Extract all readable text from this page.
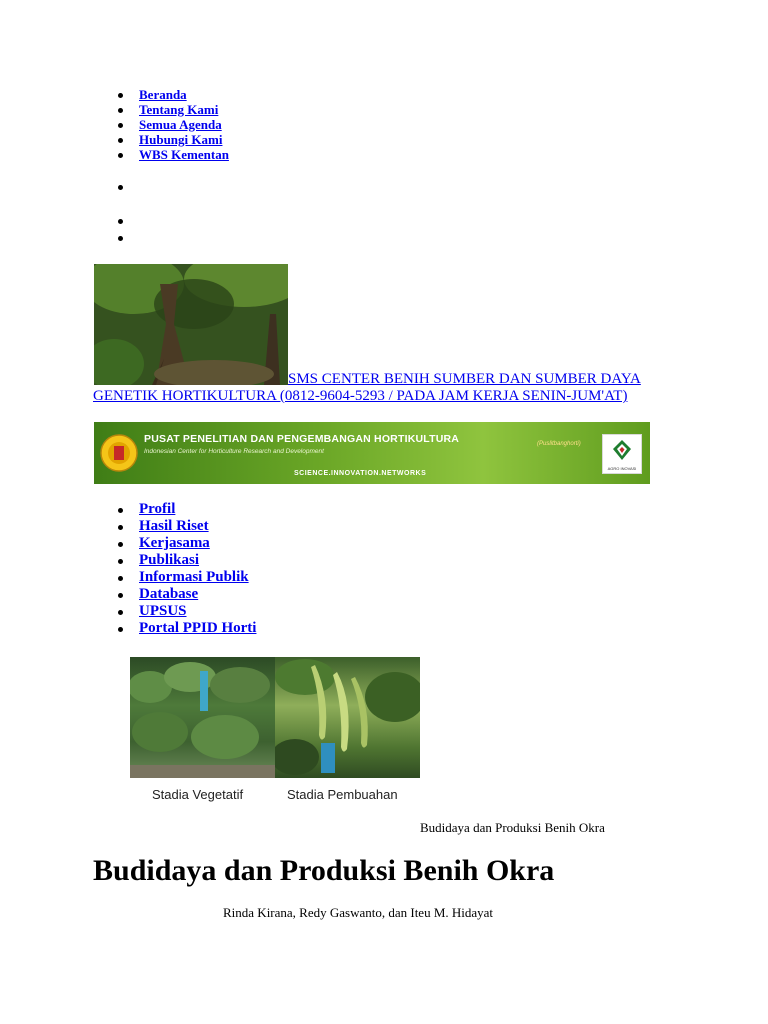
Beranda
Tentang Kami
Semua Agenda
Hubungi Kami
WBS Kementan
SMS CENTER BENIH SUMBER DAN SUMBER DAYA GENETIK HORTIKULTURA (0812-9604-5293 / PADA JAM KERJA SENIN-JUM'AT)
PUSAT PENELITIAN DAN PENGEMBANGAN HORTIKULTURA
Indonesian Center for Horticulture Research and Development
SCIENCE.INNOVATION.NETWORKS
(Puslitbanghorti)
AGRO INOVASI
Profil
Hasil Riset
Kerjasama
Publikasi
Informasi Publik
Database
UPSUS
Portal PPID Horti
Stadia Vegetatif	Stadia Pembuahan
Budidaya dan Produksi Benih Okra
Budidaya dan Produksi Benih Okra
Rinda Kirana, Redy Gaswanto, dan Iteu M. Hidayat
